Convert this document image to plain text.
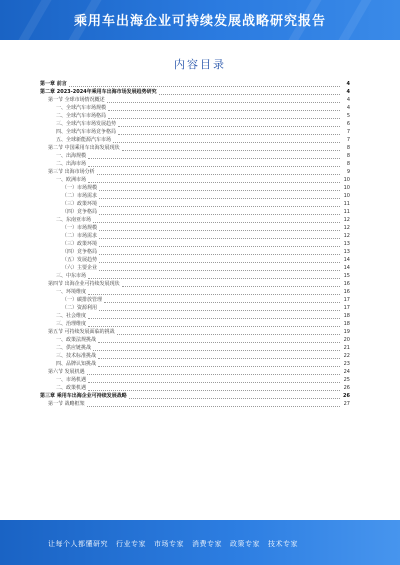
乘用车出海企业可持续发展战略研究报告
内容目录
第一章 前言	4
第二章 2023-2024年乘用车出海市场发展趋势研究	4
第一节 全球市场情况概述	4
一、全球汽车市场规模	4
二、全球汽车市场格局	5
三、全球汽车市场发展趋势	6
四、全球汽车市场竞争格局	7
五、全球新能源汽车市场	7
第二节 中国乘用车出海发展现状	8
一、出海规模	8
二、出海市场	8
第三节 出海市场分析	9
一、欧洲市场	10
（一）市场规模	10
（二）市场需求	10
（三）政策环境	11
（四）竞争格局	11
二、东南亚市场	12
（一）市场规模	12
（二）市场需求	12
（三）政策环境	13
（四）竞争格局	13
（五）发展趋势	14
（六）主要企业	14
三、中东市场	15
第四节 出海企业可持续发展现状	16
一、环境维度	16
（一）碳排放管理	17
（二）资源利用	17
二、社会维度	18
三、治理维度	18
第五节 可持续发展面临的挑战	19
一、政策法规挑战	20
二、供应链挑战	21
三、技术标准挑战	22
四、品牌认知挑战	23
第六节 发展机遇	24
一、市场机遇	25
二、政策机遇	26
第三章 乘用车出海企业可持续发展战略	26
第一节 战略框架	27
让每个人都懂研究 行业专家 市场专家 消费专家 政策专家 技术专家
